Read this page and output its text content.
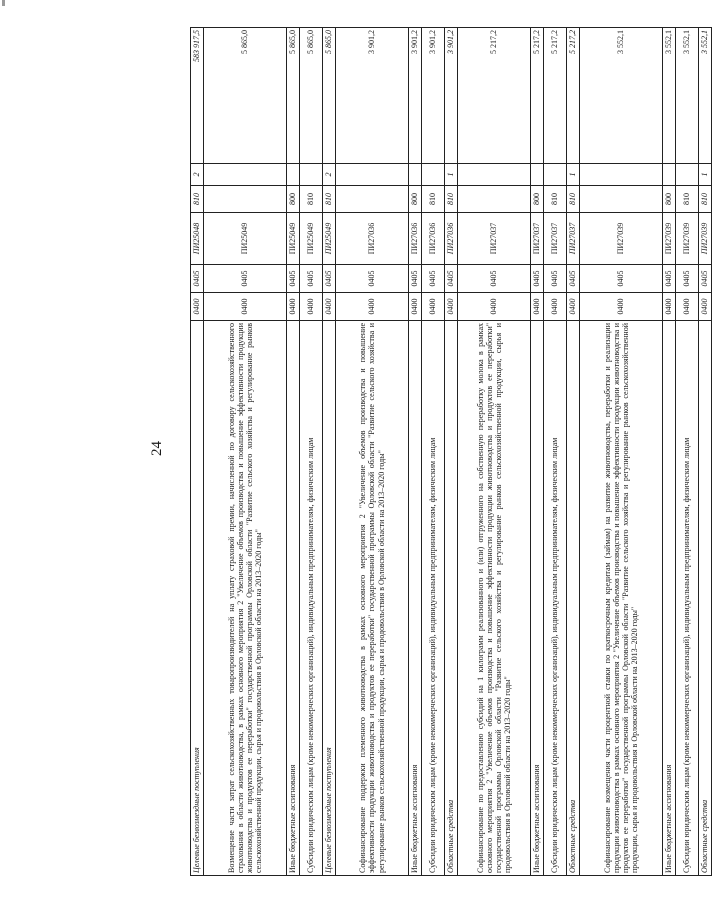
24
Целевые безвозмездные поступления	0400	0405	ПИ25048	810	2	583 917,5
Возмещение части затрат сельскохозяйственных товаропроизводителей на уплату страховой премии, начисленной по договору сельскохозяйственного страхования в области животноводства, в рамках основного мероприятия 2 "Увеличение объемов производства и повышение эффективности продукции животноводства и продуктов ее переработки" государственной программы Орловской области "Развитие сельского хозяйства и регулирование рынков сельскохозяйственной продукции, сырья и продовольствия в Орловской области на 2013–2020 годы"	0400	0405	ПИ25049			5 865,0
Иные бюджетные ассигнования	0400	0405	ПИ25049	800		5 865,0
Субсидии юридическим лицам (кроме некоммерческих организаций), индивидуальным предпринимателям, физическим лицам	0400	0405	ПИ25049	810		5 865,0
Целевые безвозмездные поступления	0400	0405	ПИ25049	810	2	5 865,0
Софинансирование поддержки племенного животноводства в рамках основного мероприятия 2 "Увеличение объемов производства и повышение эффективности продукции животноводства и продуктов ее переработки" государственной программы Орловской области "Развитие сельского хозяйства и регулирование рынков сельскохозяйственной продукции, сырья и продовольствия в Орловской области на 2013–2020 годы"	0400	0405	ПИ27036			3 901,2
Иные бюджетные ассигнования	0400	0405	ПИ27036	800		3 901,2
Субсидии юридическим лицам (кроме некоммерческих организаций), индивидуальным предпринимателям, физическим лицам	0400	0405	ПИ27036	810		3 901,2
Областные средства	0400	0405	ПИ27036	810	1	3 901,2
Софинансирование по предоставлению субсидий на 1 килограмм реализованного и (или) отгруженного на собственную переработку молока в рамках основного мероприятия 2 "Увеличение объемов производства и повышение эффективности продукции животноводства и продуктов ее переработки" государственной программы Орловской области "Развитие сельского хозяйства и регулирование рынков сельскохозяйственной продукции, сырья и продовольствия в Орловской области на 2013–2020 годы"	0400	0405	ПИ27037			5 217,2
Иные бюджетные ассигнования	0400	0405	ПИ27037	800		5 217,2
Субсидии юридическим лицам (кроме некоммерческих организаций), индивидуальным предпринимателям, физическим лицам	0400	0405	ПИ27037	810		5 217,2
Областные средства	0400	0405	ПИ27037	810	1	5 217,2
Софинансирование возмещения части процентной ставки по краткосрочным кредитам (займам) на развитие животноводства, переработки и реализации продукции животноводства в рамках основного мероприятия 2 "Увеличение объемов производства и повышение эффективности продукции животноводства и продуктов ее переработки" государственной программы Орловской области "Развитие сельского хозяйства и регулирование рынков сельскохозяйственной продукции, сырья и продовольствия в Орловской области на 2013–2020 годы"	0400	0405	ПИ27039			3 552,1
Иные бюджетные ассигнования	0400	0405	ПИ27039	800		3 552,1
Субсидии юридическим лицам (кроме некоммерческих организаций), индивидуальным предпринимателям, физическим лицам	0400	0405	ПИ27039	810		3 552,1
Областные средства	0400	0405	ПИ27039	810	1	3 552,1
